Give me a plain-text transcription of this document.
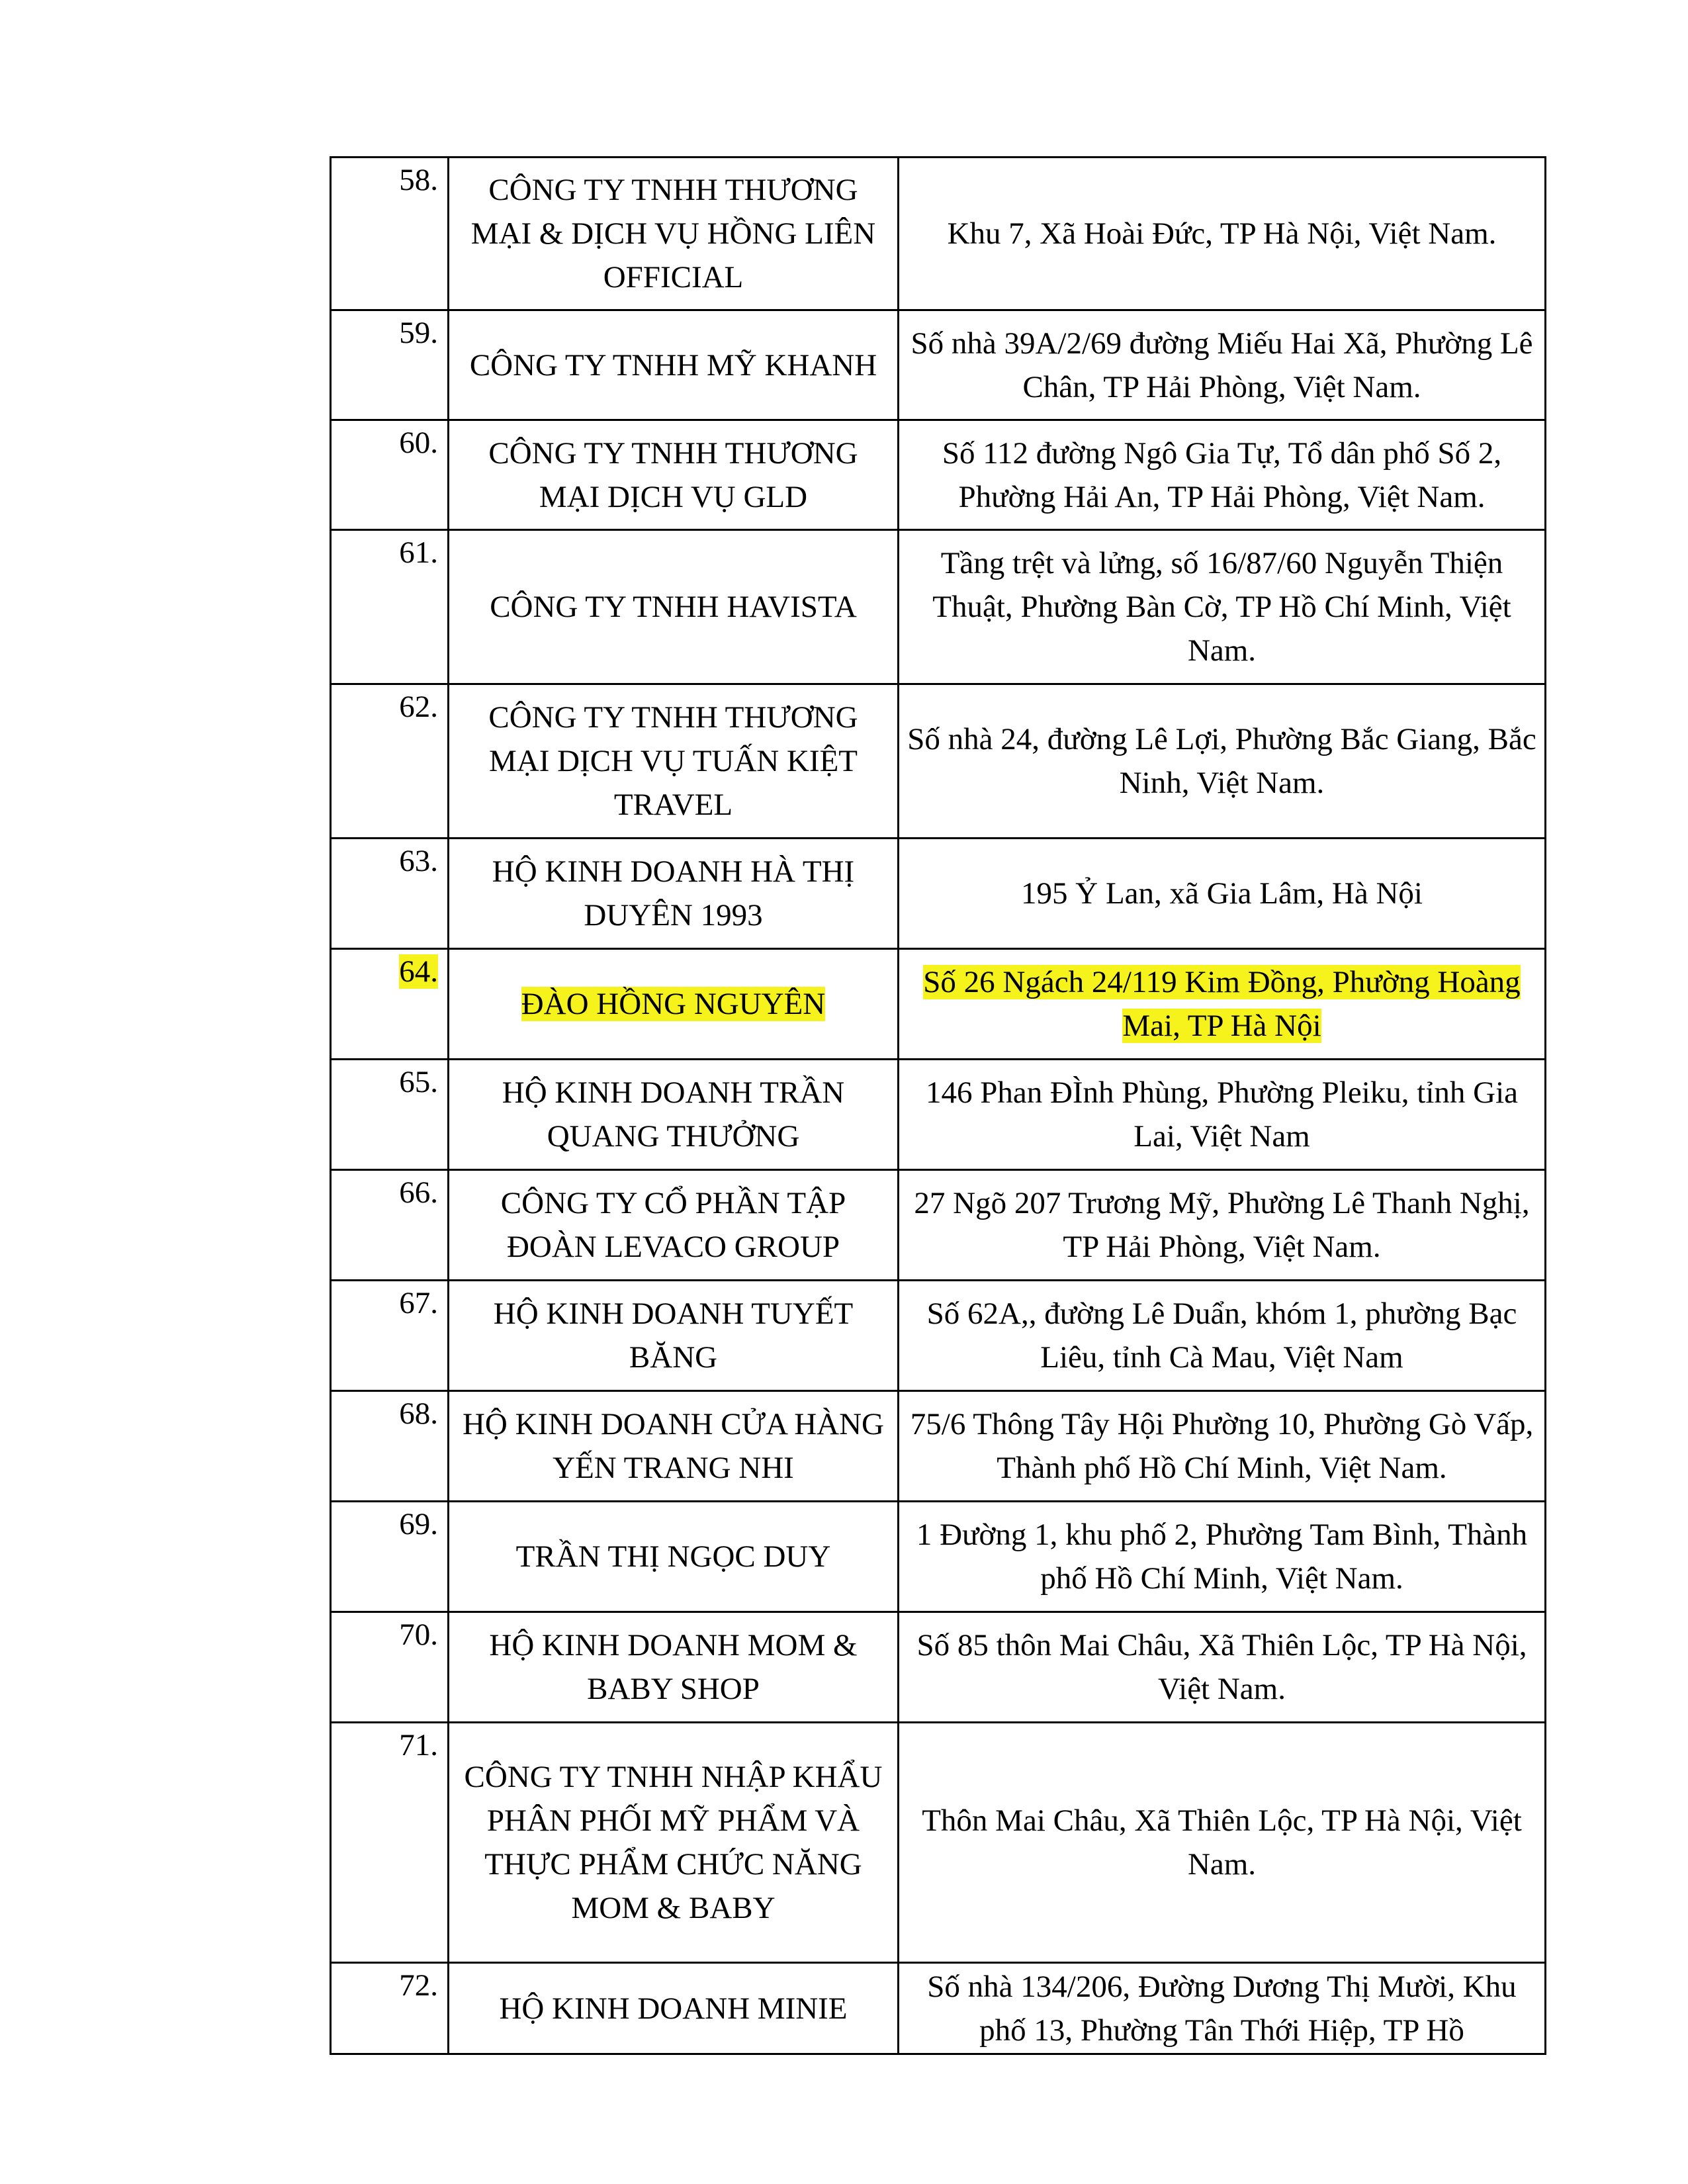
58.	CÔNG TY TNHH THƯƠNG MẠI & DỊCH VỤ HỒNG LIÊN OFFICIAL	Khu 7, Xã Hoài Đức, TP Hà Nội, Việt Nam.
59.	CÔNG TY TNHH MỸ KHANH	Số nhà 39A/2/69 đường Miếu Hai Xã, Phường Lê Chân, TP Hải Phòng, Việt Nam.
60.	CÔNG TY TNHH THƯƠNG MẠI DỊCH VỤ GLD	Số 112 đường Ngô Gia Tự, Tổ dân phố Số 2, Phường Hải An, TP Hải Phòng, Việt Nam.
61.	CÔNG TY TNHH HAVISTA	Tầng trệt và lửng, số 16/87/60 Nguyễn Thiện Thuật, Phường Bàn Cờ, TP Hồ Chí Minh, Việt Nam.
62.	CÔNG TY TNHH THƯƠNG MẠI DỊCH VỤ TUẤN KIỆT TRAVEL	Số nhà 24, đường Lê Lợi, Phường Bắc Giang, Bắc Ninh, Việt Nam.
63.	HỘ KINH DOANH HÀ THỊ DUYÊN 1993	195 Ỷ Lan, xã Gia Lâm, Hà Nội
64.	ĐÀO HỒNG NGUYÊN	Số 26 Ngách 24/119 Kim Đồng, Phường Hoàng Mai, TP Hà Nội
65.	HỘ KINH DOANH TRẦN QUANG THƯỞNG	146 Phan ĐÌnh Phùng, Phường Pleiku, tỉnh Gia Lai, Việt Nam
66.	CÔNG TY CỔ PHẦN TẬP ĐOÀN LEVACO GROUP	27 Ngõ 207 Trương Mỹ, Phường Lê Thanh Nghị, TP Hải Phòng, Việt Nam.
67.	HỘ KINH DOANH TUYẾT BĂNG	Số 62A,, đường Lê Duẩn, khóm 1, phường Bạc Liêu, tỉnh Cà Mau, Việt Nam
68.	HỘ KINH DOANH CỬA HÀNG YẾN TRANG NHI	75/6 Thông Tây Hội Phường 10, Phường Gò Vấp, Thành phố Hồ Chí Minh, Việt Nam.
69.	TRẦN THỊ NGỌC DUY	1 Đường 1, khu phố 2, Phường Tam Bình, Thành phố Hồ Chí Minh, Việt Nam.
70.	HỘ KINH DOANH MOM & BABY SHOP	Số 85 thôn Mai Châu, Xã Thiên Lộc, TP Hà Nội, Việt Nam.
71.	CÔNG TY TNHH NHẬP KHẨU PHÂN PHỐI MỸ PHẨM VÀ THỰC PHẨM CHỨC NĂNG MOM & BABY	Thôn Mai Châu, Xã Thiên Lộc, TP Hà Nội, Việt Nam.
72.	HỘ KINH DOANH MINIE	Số nhà 134/206, Đường Dương Thị Mười, Khu phố 13, Phường Tân Thới Hiệp, TP Hồ
